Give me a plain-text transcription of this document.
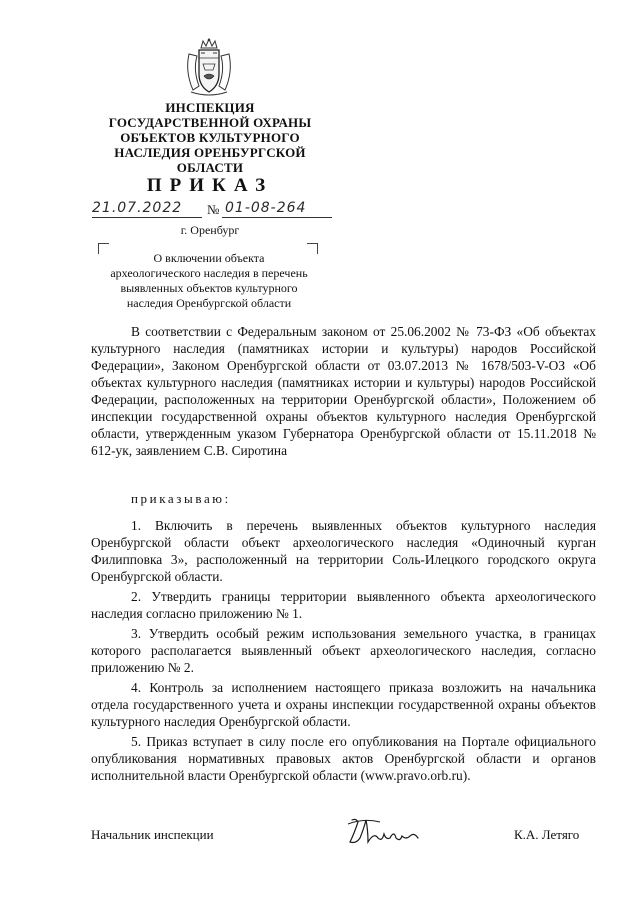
ИНСПЕКЦИЯ
ГОСУДАРСТВЕННОЙ ОХРАНЫ
ОБЪЕКТОВ КУЛЬТУРНОГО
НАСЛЕДИЯ ОРЕНБУРГСКОЙ
ОБЛАСТИ
ПРИКАЗ
21.07.2022 № 01-08-264
г. Оренбург
О включении объекта
археологического наследия в перечень
выявленных объектов культурного
наследия Оренбургской области

В соответствии с Федеральным законом от 25.06.2002 № 73-ФЗ «Об объектах культурного наследия (памятниках истории и культуры) народов Российской Федерации», Законом Оренбургской области от 03.07.2013 № 1678/503-V-ОЗ «Об объектах культурного наследия (памятниках истории и культуры) народов Российской Федерации, расположенных на территории Оренбургской области», Положением об инспекции государственной охраны объектов культурного наследия Оренбургской области, утвержденным указом Губернатора Оренбургской области от 15.11.2018 № 612-ук, заявлением С.В. Сиротина

приказываю:

1. Включить в перечень выявленных объектов культурного наследия Оренбургской области объект археологического наследия «Одиночный курган Филипповка 3», расположенный на территории Соль-Илецкого городского округа Оренбургской области.

2. Утвердить границы территории выявленного объекта археологического наследия согласно приложению № 1.

3. Утвердить особый режим использования земельного участка, в границах которого располагается выявленный объект археологического наследия, согласно приложению № 2.

4. Контроль за исполнением настоящего приказа возложить на начальника отдела государственного учета и охраны инспекции государственной охраны объектов культурного наследия Оренбургской области.

5. Приказ вступает в силу после его опубликования на Портале официального опубликования нормативных правовых актов Оренбургской области и органов исполнительной власти Оренбургской области (www.pravo.orb.ru).

Начальник инспекции	К.А. Летяго
